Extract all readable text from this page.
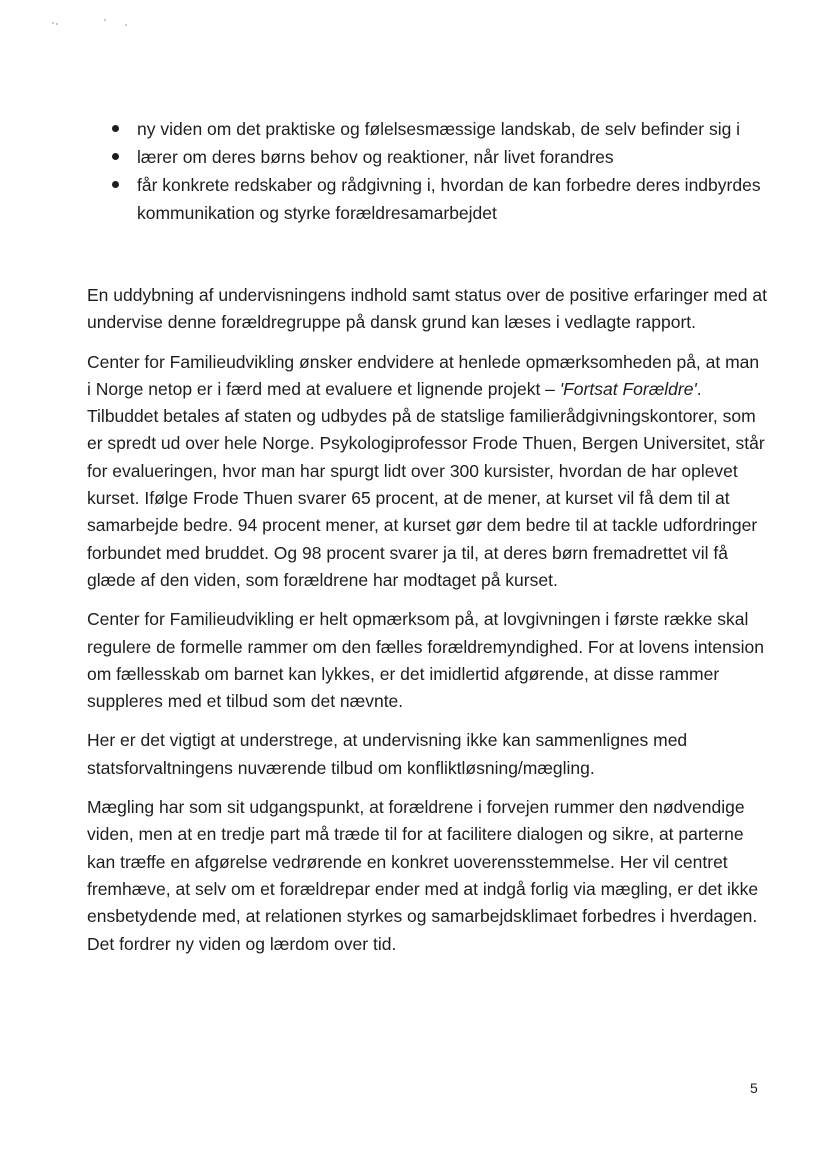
ny viden om det praktiske og følelsesmæssige landskab, de selv befinder sig i
lærer om deres børns behov og reaktioner, når livet forandres
får konkrete redskaber og rådgivning i, hvordan de kan forbedre deres indbyrdes kommunikation og styrke forældresamarbejdet

En uddybning af undervisningens indhold samt status over de positive erfaringer med at undervise denne forældregruppe på dansk grund kan læses i vedlagte rapport.

Center for Familieudvikling ønsker endvidere at henlede opmærksomheden på, at man i Norge netop er i færd med at evaluere et lignende projekt – 'Fortsat Forældre'. Tilbuddet betales af staten og udbydes på de statslige familierådgivningskontorer, som er spredt ud over hele Norge. Psykologiprofessor Frode Thuen, Bergen Universitet, står for evalueringen, hvor man har spurgt lidt over 300 kursister, hvordan de har oplevet kurset. Ifølge Frode Thuen svarer 65 procent, at de mener, at kurset vil få dem til at samarbejde bedre. 94 procent mener, at kurset gør dem bedre til at tackle udfordringer forbundet med bruddet. Og 98 procent svarer ja til, at deres børn fremadrettet vil få glæde af den viden, som forældrene har modtaget på kurset.

Center for Familieudvikling er helt opmærksom på, at lovgivningen i første række skal regulere de formelle rammer om den fælles forældremyndighed. For at lovens intension om fællesskab om barnet kan lykkes, er det imidlertid afgørende, at disse rammer suppleres med et tilbud som det nævnte.

Her er det vigtigt at understrege, at undervisning ikke kan sammenlignes med statsforvaltningens nuværende tilbud om konfliktløsning/mægling.

Mægling har som sit udgangspunkt, at forældrene i forvejen rummer den nødvendige viden, men at en tredje part må træde til for at facilitere dialogen og sikre, at parterne kan træffe en afgørelse vedrørende en konkret uoverensstemmelse. Her vil centret fremhæve, at selv om et forældrepar ender med at indgå forlig via mægling, er det ikke ensbetydende med, at relationen styrkes og samarbejdsklimaet forbedres i hverdagen. Det fordrer ny viden og lærdom over tid.

5
